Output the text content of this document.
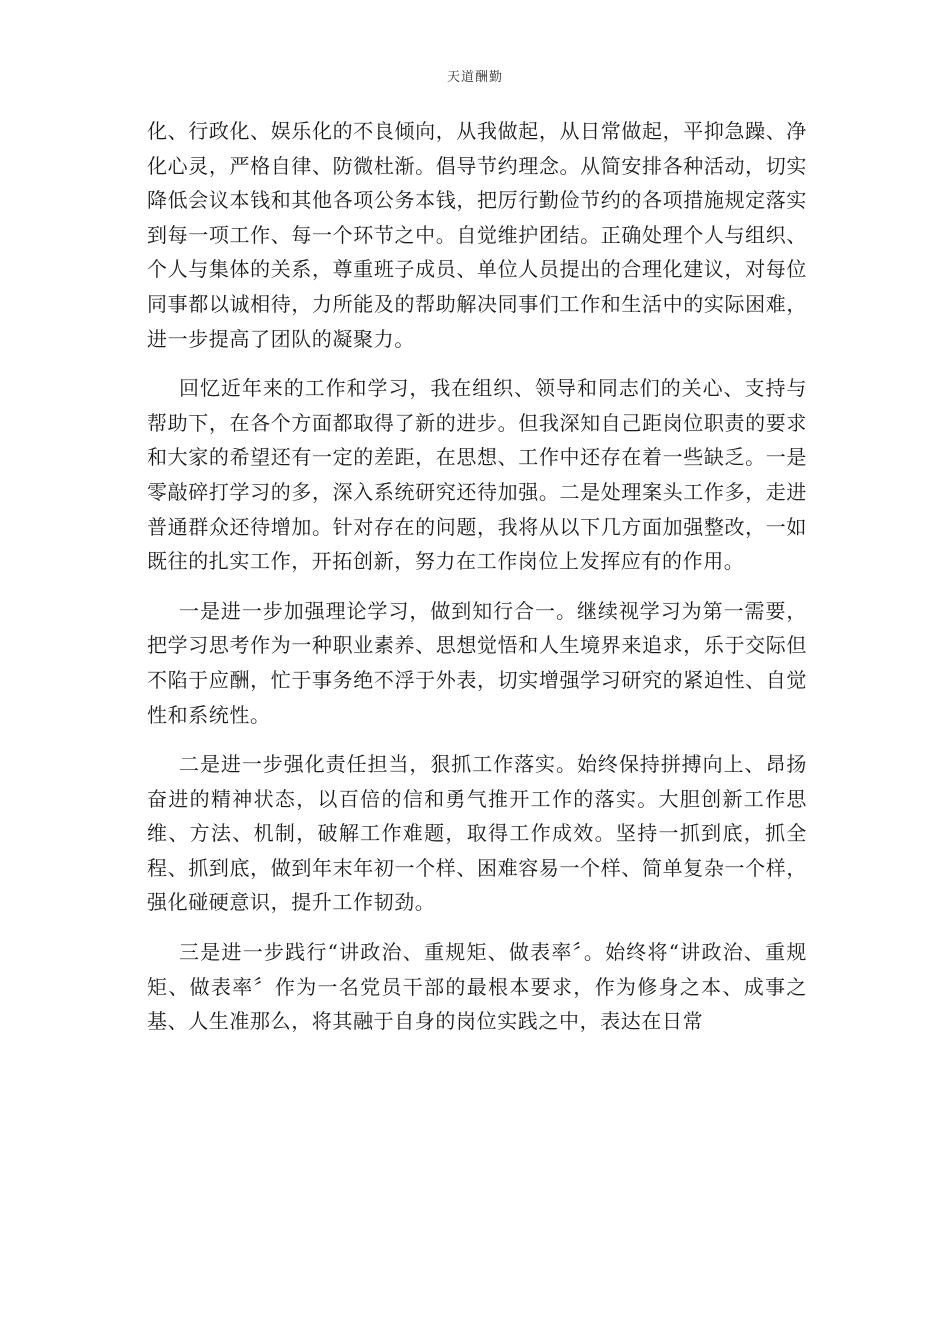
天道酬勤

化、行政化、娱乐化的不良倾向，从我做起，从日常做起，平抑急躁、净化心灵，严格自律、防微杜渐。倡导节约理念。从简安排各种活动，切实降低会议本钱和其他各项公务本钱，把厉行勤俭节约的各项措施规定落实到每一项工作、每一个环节之中。自觉维护团结。正确处理个人与组织、个人与集体的关系，尊重班子成员、单位人员提出的合理化建议，对每位同事都以诚相待，力所能及的帮助解决同事们工作和生活中的实际困难，进一步提高了团队的凝聚力。

回忆近年来的工作和学习，我在组织、领导和同志们的关心、支持与帮助下，在各个方面都取得了新的进步。但我深知自己距岗位职责的要求和大家的希望还有一定的差距，在思想、工作中还存在着一些缺乏。一是零敲碎打学习的多，深入系统研究还待加强。二是处理案头工作多，走进普通群众还待增加。针对存在的问题，我将从以下几方面加强整改，一如既往的扎实工作，开拓创新，努力在工作岗位上发挥应有的作用。

一是进一步加强理论学习，做到知行合一。继续视学习为第一需要，把学习思考作为一种职业素养、思想觉悟和人生境界来追求，乐于交际但不陷于应酬，忙于事务绝不浮于外表，切实增强学习研究的紧迫性、自觉性和系统性。

二是进一步强化责任担当，狠抓工作落实。始终保持拼搏向上、昂扬奋进的精神状态，以百倍的信和勇气推开工作的落实。大胆创新工作思维、方法、机制，破解工作难题，取得工作成效。坚持一抓到底，抓全程、抓到底，做到年末年初一个样、困难容易一个样、简单复杂一个样，强化碰硬意识，提升工作韧劲。

三是进一步践行“讲政治、重规矩、做表率〞。始终将“讲政治、重规矩、做表率〞作为一名党员干部的最根本要求，作为修身之本、成事之基、人生准那么，将其融于自身的岗位实践之中，表达在日常
